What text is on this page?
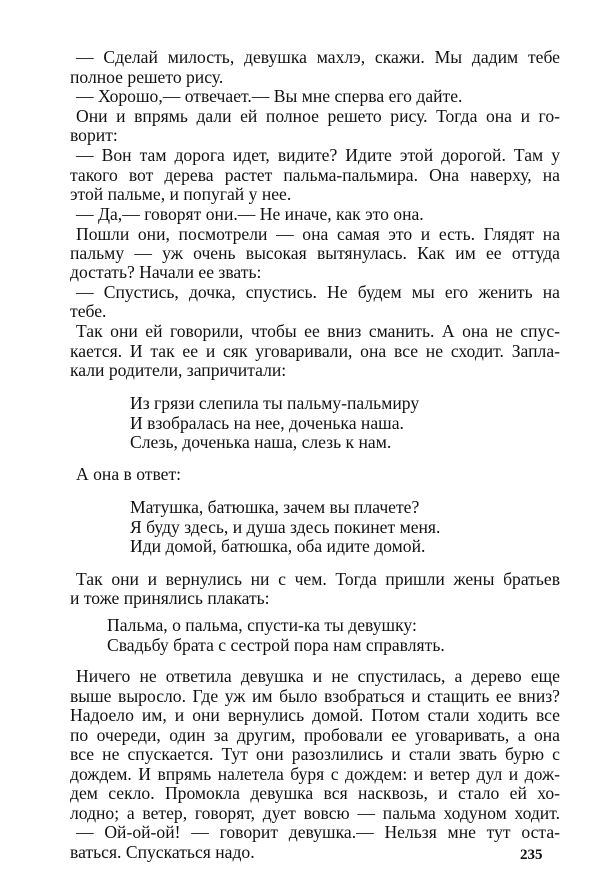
— Сделай милость, девушка махлэ, скажи. Мы дадим тебе
полное решето рису.
— Хорошо,— отвечает.— Вы мне сперва его дайте.
Они и впрямь дали ей полное решето рису. Тогда она и го-
ворит:
— Вон там дорога идет, видите? Идите этой дорогой. Там у
такого вот дерева растет пальма-пальмира. Она наверху, на
этой пальме, и попугай у нее.
— Да,— говорят они.— Не иначе, как это она.
Пошли они, посмотрели — она самая это и есть. Глядят на
пальму — уж очень высокая вытянулась. Как им ее оттуда
достать? Начали ее звать:
— Спустись, дочка, спустись. Не будем мы его женить на
тебе.
Так они ей говорили, чтобы ее вниз сманить. А она не спус-
кается. И так ее и сяк уговаривали, она все не сходит. Запла-
кали родители, запричитали:
Из грязи слепила ты пальму-пальмиру
И взобралась на нее, доченька наша.
Слезь, доченька наша, слезь к нам.
А она в ответ:
Матушка, батюшка, зачем вы плачете?
Я буду здесь, и душа здесь покинет меня.
Иди домой, батюшка, оба идите домой.
Так они и вернулись ни с чем. Тогда пришли жены братьев
и тоже принялись плакать:
Пальма, о пальма, спусти-ка ты девушку:
Свадьбу брата с сестрой пора нам справлять.
Ничего не ответила девушка и не спустилась, а дерево еще
выше выросло. Где уж им было взобраться и стащить ее вниз?
Надоело им, и они вернулись домой. Потом стали ходить все
по очереди, один за другим, пробовали ее уговаривать, а она
все не спускается. Тут они разозлились и стали звать бурю с
дождем. И впрямь налетела буря с дождем: и ветер дул и дож-
дем секло. Промокла девушка вся насквозь, и стало ей хо-
лодно; а ветер, говорят, дует вовсю — пальма ходуном ходит.
— Ой-ой-ой! — говорит девушка.— Нельзя мне тут оста-
ваться. Спускаться надо.	235
